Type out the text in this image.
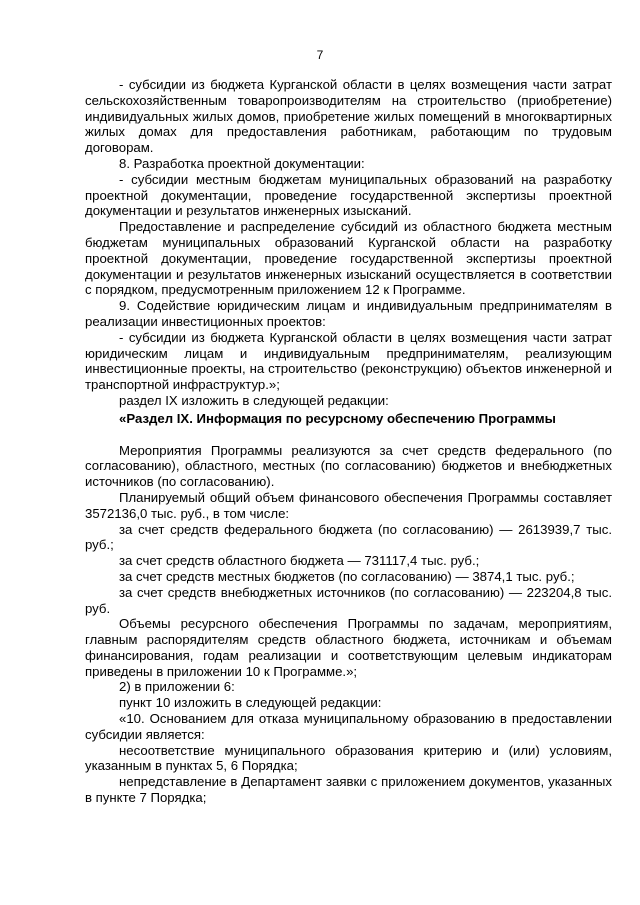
7

- субсидии из бюджета Курганской области в целях возмещения части затрат сельскохозяйственным товаропроизводителям на строительство (приобретение) индивидуальных жилых домов, приобретение жилых помещений в многоквартирных жилых домах для предоставления работникам, работающим по трудовым договорам.

8. Разработка проектной документации:

- субсидии местным бюджетам муниципальных образований на разработку проектной документации, проведение государственной экспертизы проектной документации и результатов инженерных изысканий.

Предоставление и распределение субсидий из областного бюджета местным бюджетам муниципальных образований Курганской области на разработку проектной документации, проведение государственной экспертизы проектной документации и результатов инженерных изысканий осуществляется в соответствии с порядком, предусмотренным приложением 12 к Программе.

9. Содействие юридическим лицам и индивидуальным предпринимателям в реализации инвестиционных проектов:

- субсидии из бюджета Курганской области в целях возмещения части затрат юридическим лицам и индивидуальным предпринимателям, реализующим инвестиционные проекты, на строительство (реконструкцию) объектов инженерной и транспортной инфраструктур.»;

раздел IX изложить в следующей редакции:

«Раздел IX. Информация по ресурсному обеспечению Программы

Мероприятия Программы реализуются за счет средств федерального (по согласованию), областного, местных (по согласованию) бюджетов и внебюджетных источников (по согласованию).

Планируемый общий объем финансового обеспечения Программы составляет 3572136,0 тыс. руб., в том числе:

за счет средств федерального бюджета (по согласованию) — 2613939,7 тыс. руб.;

за счет средств областного бюджета — 731117,4 тыс. руб.;

за счет средств местных бюджетов (по согласованию) — 3874,1 тыс. руб.;

за счет средств внебюджетных источников (по согласованию) — 223204,8 тыс. руб.

Объемы ресурсного обеспечения Программы по задачам, мероприятиям, главным распорядителям средств областного бюджета, источникам и объемам финансирования, годам реализации и соответствующим целевым индикаторам приведены в приложении 10 к Программе.»;

2) в приложении 6:

пункт 10 изложить в следующей редакции:

«10. Основанием для отказа муниципальному образованию в предоставлении субсидии является:

несоответствие муниципального образования критерию и (или) условиям, указанным в пунктах 5, 6 Порядка;

непредставление в Департамент заявки с приложением документов, указанных в пункте 7 Порядка;
